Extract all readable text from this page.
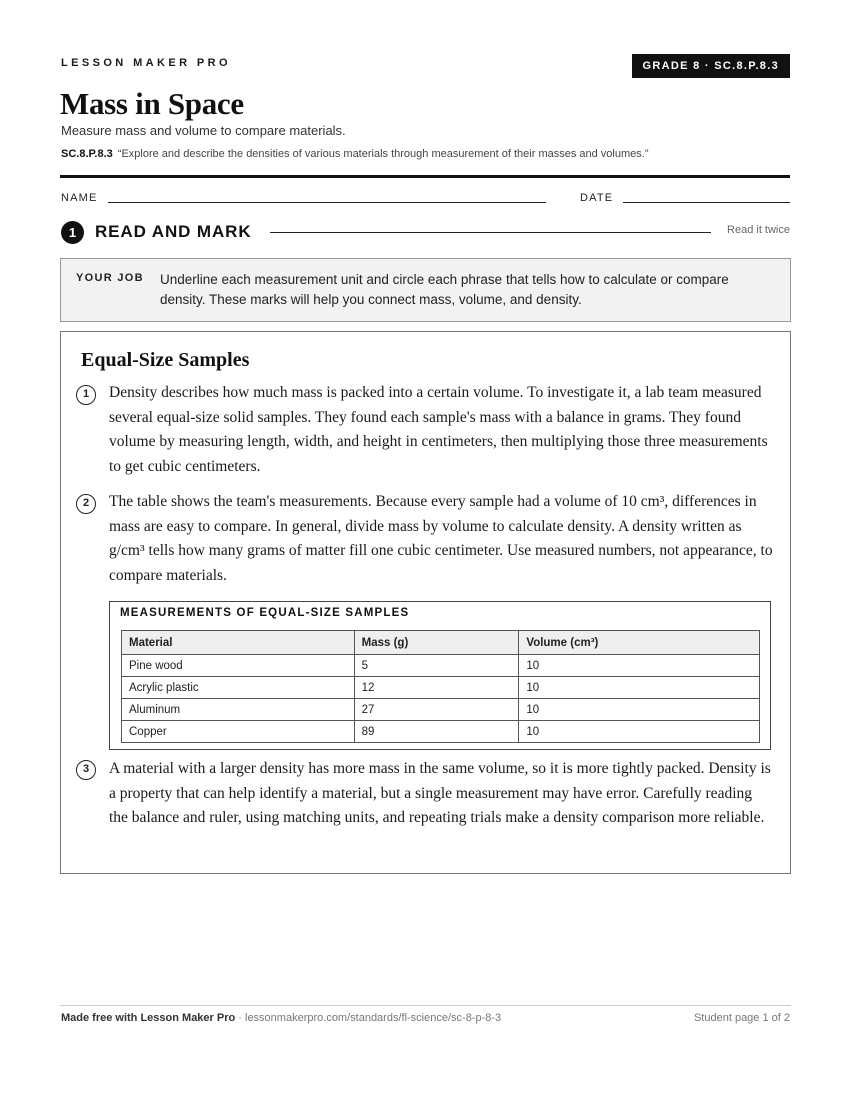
LESSON MAKER PRO	GRADE 8 · SC.8.P.8.3
Mass in Space
Measure mass and volume to compare materials.
SC.8.P.8.3 “Explore and describe the densities of various materials through measurement of their masses and volumes.”
NAME	DATE
1	READ AND MARK	Read it twice
YOUR JOB Underline each measurement unit and circle each phrase that tells how to calculate or compare density. These marks will help you connect mass, volume, and density.
Equal-Size Samples
1	Density describes how much mass is packed into a certain volume. To investigate it, a lab team measured several equal-size solid samples. They found each sample's mass with a balance in grams. They found volume by measuring length, width, and height in centimeters, then multiplying those three measurements to get cubic centimeters.
2	The table shows the team's measurements. Because every sample had a volume of 10 cm³, differences in mass are easy to compare. In general, divide mass by volume to calculate density. A density written as g/cm³ tells how many grams of matter fill one cubic centimeter. Use measured numbers, not appearance, to compare materials.
MEASUREMENTS OF EQUAL-SIZE SAMPLES
Material	Mass (g)	Volume (cm³)
Pine wood	5	10
Acrylic plastic	12	10
Aluminum	27	10
Copper	89	10
3	A material with a larger density has more mass in the same volume, so it is more tightly packed. Density is a property that can help identify a material, but a single measurement may have error. Carefully reading the balance and ruler, using matching units, and repeating trials make a density comparison more reliable.
Made free with Lesson Maker Pro · lessonmakerpro.com/standards/fl-science/sc-8-p-8-3	Student page 1 of 2
